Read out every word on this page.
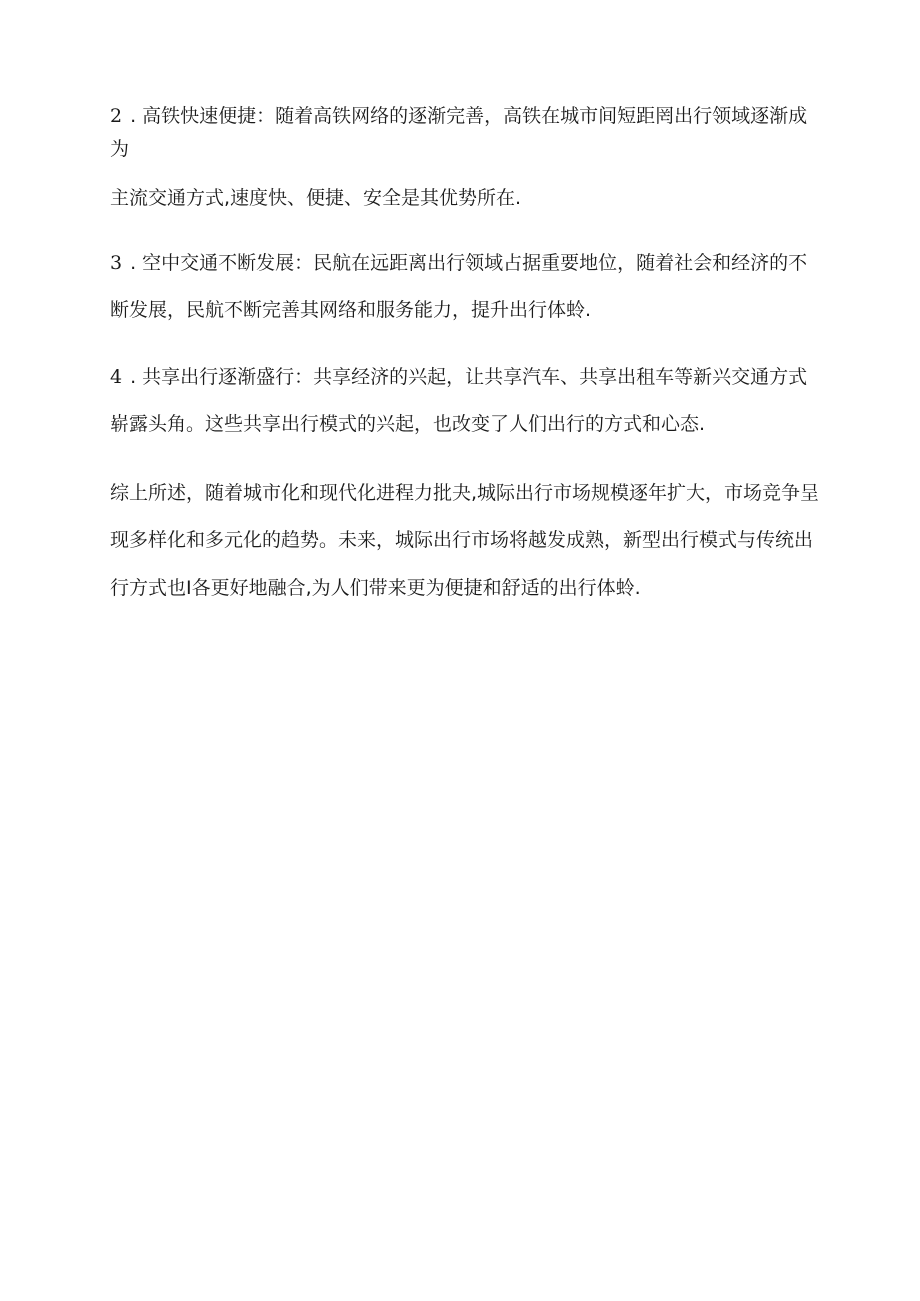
2 . 高铁快速便捷：随着高铁网络的逐渐完善，高铁在城市间短距罔出行领域逐渐成
为
主流交通方式,速度快、便捷、安全是其优势所在.
3 . 空中交通不断发展：民航在远距离出行领域占据重要地位，随着社会和经济的不
断发展，民航不断完善其网络和服务能力，提升出行体蛉.
4 . 共享出行逐渐盛行：共享经济的兴起，让共享汽车、共享出租车等新兴交通方式
崭露头角。这些共享出行模式的兴起，也改变了人们出行的方式和心态.
综上所述，随着城市化和现代化进程力批夬,城际出行市场规模逐年扩大，市场竞争呈
现多样化和多元化的趋势。未来，城际出行市场将越发成熟，新型出行模式与传统出
行方式也Ⅰ各更好地融合,为人们带来更为便捷和舒适的出行体蛉.
